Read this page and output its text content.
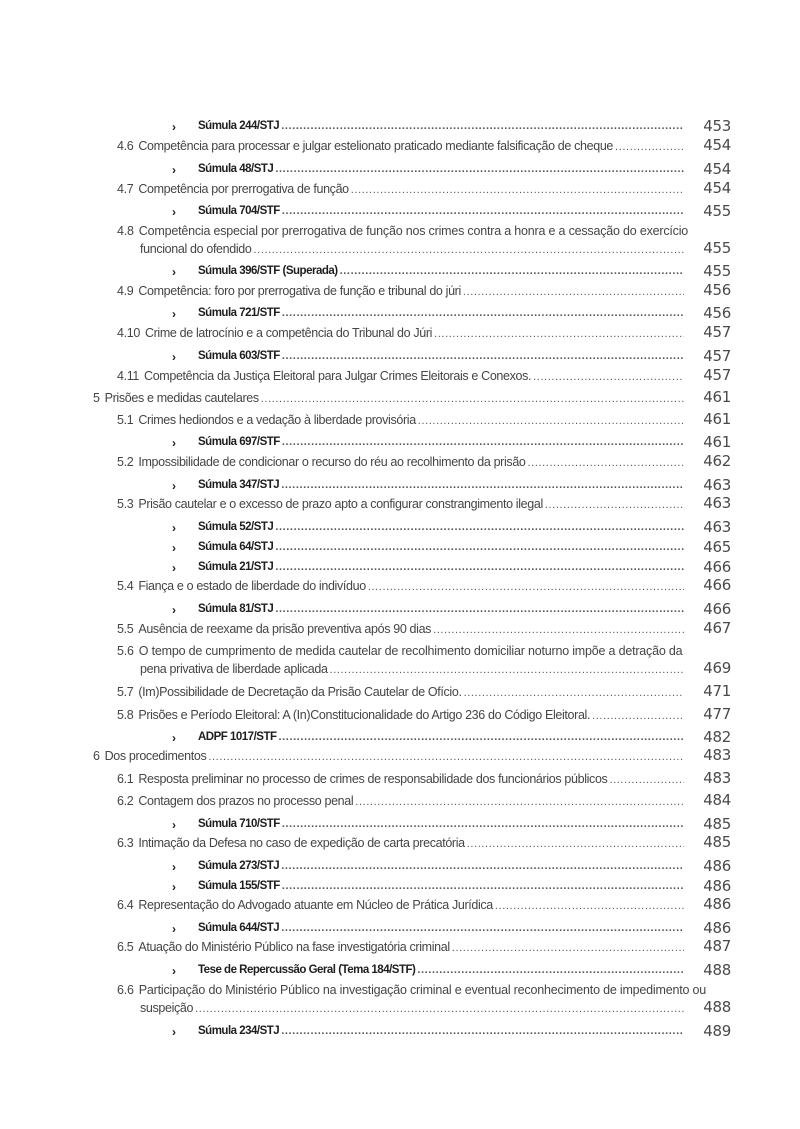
› Súmula 244/STJ .....	453
4.6 Competência para processar e julgar estelionato praticado mediante falsificação de cheque .....	454
› Súmula 48/STJ .....	454
4.7 Competência por prerrogativa de função .....	454
› Súmula 704/STF .....	455
4.8 Competência especial por prerrogativa de função nos crimes contra a honra e a cessação do exercício
funcional do ofendido .....	455
› Súmula 396/STF (Superada) .....	455
4.9 Competência: foro por prerrogativa de função e tribunal do júri .....	456
› Súmula 721/STF .....	456
4.10 Crime de latrocínio e a competência do Tribunal do Júri .....	457
› Súmula 603/STF .....	457
4.11 Competência da Justiça Eleitoral para Julgar Crimes Eleitorais e Conexos. .....	457
5 Prisões e medidas cautelares .....	461
5.1 Crimes hediondos e a vedação à liberdade provisória .....	461
› Súmula 697/STF .....	461
5.2 Impossibilidade de condicionar o recurso do réu ao recolhimento da prisão .....	462
› Súmula 347/STJ .....	463
5.3 Prisão cautelar e o excesso de prazo apto a configurar constrangimento ilegal .....	463
› Súmula 52/STJ .....	463
› Súmula 64/STJ .....	465
› Súmula 21/STJ .....	466
5.4 Fiança e o estado de liberdade do indivíduo .....	466
› Súmula 81/STJ .....	466
5.5 Ausência de reexame da prisão preventiva após 90 dias .....	467
5.6 O tempo de cumprimento de medida cautelar de recolhimento domiciliar noturno impõe a detração da
pena privativa de liberdade aplicada .....	469
5.7 (Im)Possibilidade de Decretação da Prisão Cautelar de Ofício. .....	471
5.8 Prisões e Período Eleitoral: A (In)Constitucionalidade do Artigo 236 do Código Eleitoral. .....	477
› ADPF 1017/STF .....	482
6 Dos procedimentos .....	483
6.1 Resposta preliminar no processo de crimes de responsabilidade dos funcionários públicos .....	483
6.2 Contagem dos prazos no processo penal .....	484
› Súmula 710/STF .....	485
6.3 Intimação da Defesa no caso de expedição de carta precatória .....	485
› Súmula 273/STJ .....	486
› Súmula 155/STF .....	486
6.4 Representação do Advogado atuante em Núcleo de Prática Jurídica .....	486
› Súmula 644/STJ .....	486
6.5 Atuação do Ministério Público na fase investigatória criminal .....	487
› Tese de Repercussão Geral (Tema 184/STF) .....	488
6.6 Participação do Ministério Público na investigação criminal e eventual reconhecimento de impedimento ou
suspeição .....	488
› Súmula 234/STJ .....	489
